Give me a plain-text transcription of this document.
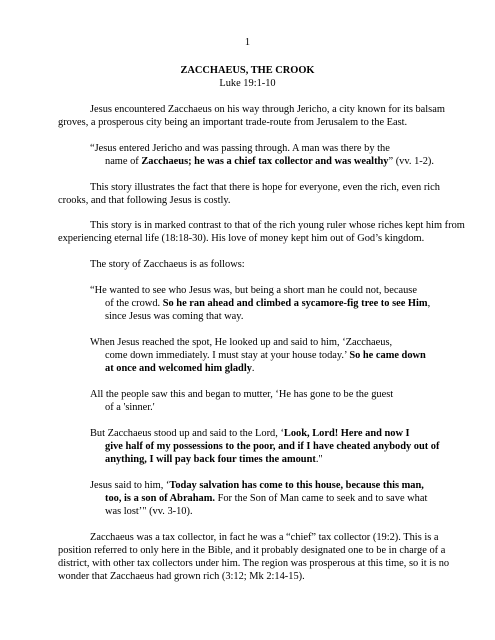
1
ZACCHAEUS, THE CROOK
Luke 19:1-10
Jesus encountered Zacchaeus on his way through Jericho, a city known for its balsam
groves, a prosperous city being an important trade-route from Jerusalem to the East.
“Jesus entered Jericho and was passing through. A man was there by the
name of Zacchaeus; he was a chief tax collector and was wealthy” (vv. 1-2).
This story illustrates the fact that there is hope for everyone, even the rich, even rich
crooks, and that following Jesus is costly.
This story is in marked contrast to that of the rich young ruler whose riches kept him from
experiencing eternal life (18:18-30). His love of money kept him out of God’s kingdom.
The story of Zacchaeus is as follows:
“He wanted to see who Jesus was, but being a short man he could not, because
of the crowd. So he ran ahead and climbed a sycamore-fig tree to see Him,
since Jesus was coming that way.
When Jesus reached the spot, He looked up and said to him, ‘Zacchaeus,
come down immediately. I must stay at your house today.’ So he came down
at once and welcomed him gladly.
All the people saw this and began to mutter, ‘He has gone to be the guest
of a 'sinner.'
But Zacchaeus stood up and said to the Lord, ‘Look, Lord! Here and now I
give half of my possessions to the poor, and if I have cheated anybody out of
anything, I will pay back four times the amount."
Jesus said to him, ‘Today salvation has come to this house, because this man,
too, is a son of Abraham. For the Son of Man came to seek and to save what
was lost’" (vv. 3-10).
Zacchaeus was a tax collector, in fact he was a “chief” tax collector (19:2). This is a
position referred to only here in the Bible, and it probably designated one to be in charge of a
district, with other tax collectors under him. The region was prosperous at this time, so it is no
wonder that Zacchaeus had grown rich (3:12; Mk 2:14-15).
